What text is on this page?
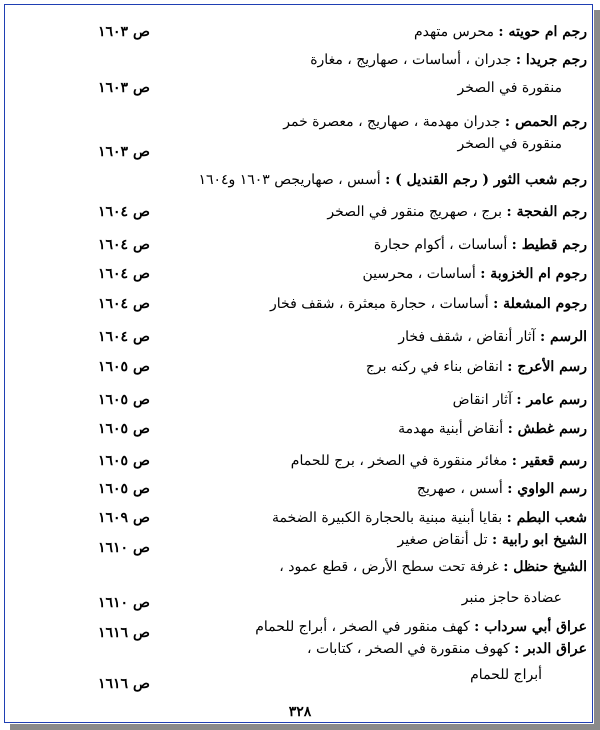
رجم ام حويته : محرس متهدم
رجم جريدا : جدران ، أساسات ، صهاريج ، مغارة
منقورة في الصخر
رجم الحمص : جدران مهدمة ، صهاريج ، معصرة خمر
منقورة في الصخر
رجم شعب الثور ( رجم القنديل ) : أسس ، صهاريجص ١٦٠٣ و١٦٠٤
رجم الفحجة : برج ، صهريج منقور في الصخر
رجم قطيط : أساسات ، أكوام حجارة
رجوم ام الخزوبة : أساسات ، محرسين
رجوم المشعلة : أساسات ، حجارة مبعثرة ، شقف فخار
الرسم : آثار أنقاض ، شقف فخار
رسم الأعرج : انقاض بناء في ركنه برج
رسم عامر : آثار انقاض
رسم غطش : أنقاض أبنية مهدمة
رسم قعقير : مغائر منقورة في الصخر ، برج للحمام
رسم الواوي : أسس ، صهريج
شعب البطم : بقايا أبنية مبنية بالحجارة الكبيرة الضخمة
الشيخ ابو رابية : تل أنقاض صغير
الشيخ حنظل : غرفة تحت سطح الأرض ، قطع عمود ،
عضادة حاجز منبر
عراق أبي سرداب : كهف منقور في الصخر ، أبراج للحمام
عراق الدبر : كهوف منقورة في الصخر ، كتابات ،
أبراج للحمام
ص ١٦٠٣
ص ١٦٠٣
ص ١٦٠٣
ص ١٦٠٤
ص ١٦٠٤
ص ١٦٠٤
ص ١٦٠٤
ص ١٦٠٤
ص ١٦٠٥
ص ١٦٠٥
ص ١٦٠٥
ص ١٦٠٥
ص ١٦٠٥
ص ١٦٠٩
ص ١٦١٠
ص ١٦١٠
ص ١٦١٦
ص ١٦١٦
٣٢٨
